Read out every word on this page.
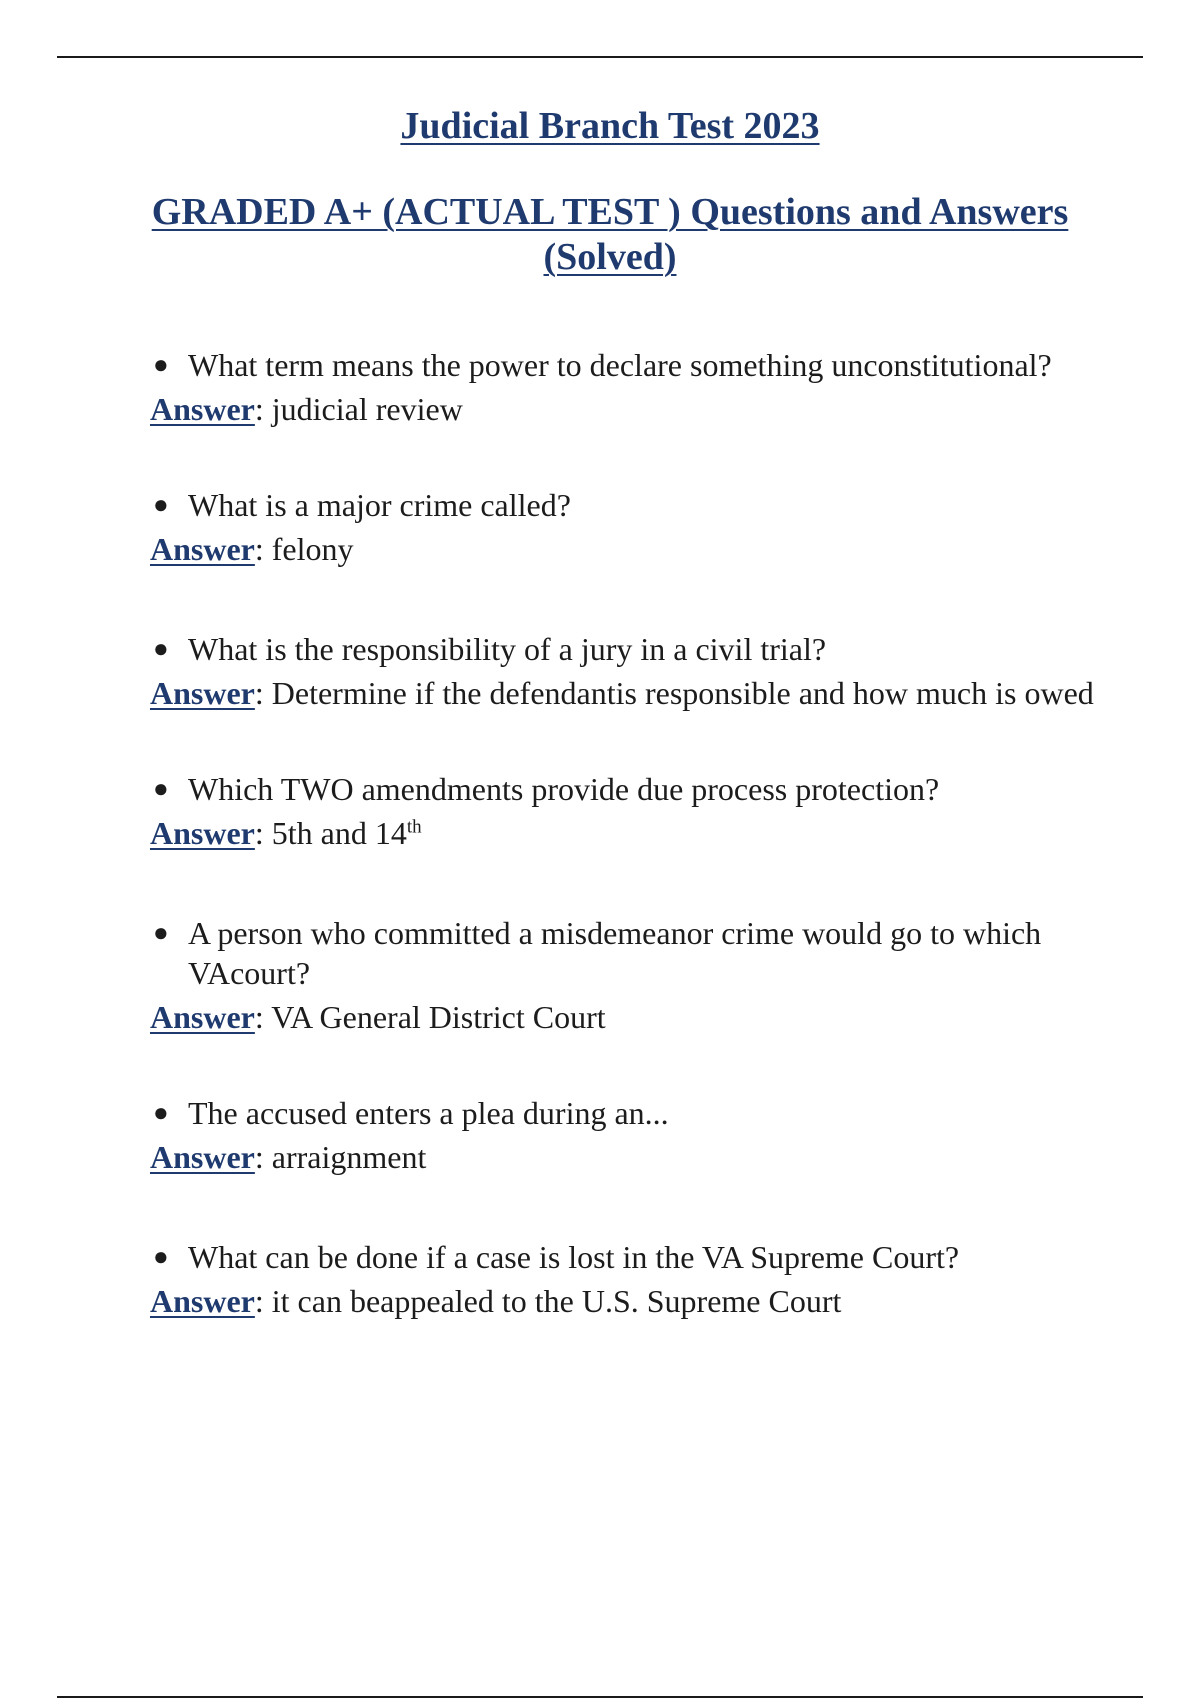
Judicial Branch Test 2023
GRADED A+ (ACTUAL TEST ) Questions and Answers (Solved)

● What term means the power to declare something unconstitutional?

Answer: judicial review

● What is a major crime called?

Answer: felony

● What is the responsibility of a jury in a civil trial?

Answer: Determine if the defendantis responsible and how much is owed

● Which TWO amendments provide due process protection?

Answer: 5th and 14th

● A person who committed a misdemeanor crime would go to which VAcourt?

Answer: VA General District Court

● The accused enters a plea during an...

Answer: arraignment

● What can be done if a case is lost in the VA Supreme Court?

Answer: it can beappealed to the U.S. Supreme Court
